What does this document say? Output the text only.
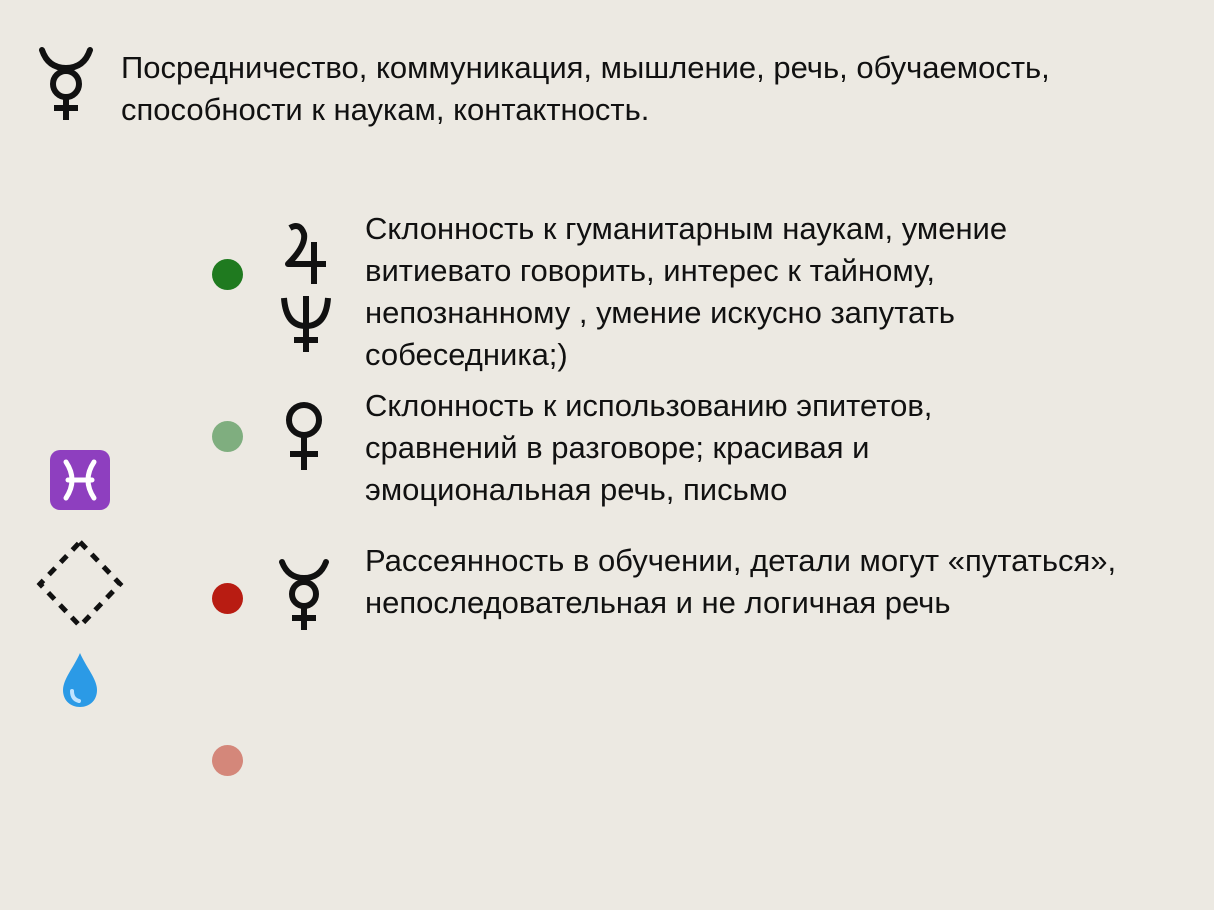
Посредничество, коммуникация, мышление, речь, обучаемость, способности к наукам, контактность.
Склонность к гуманитарным наукам, умение витиевато говорить, интерес к тайному, непознанному , умение искусно запутать собеседника;)
Склонность к использованию эпитетов, сравнений в разговоре; красивая и эмоциональная речь, письмо
Рассеянность в обучении, детали могут «путаться», непоследовательная и не логичная речь
